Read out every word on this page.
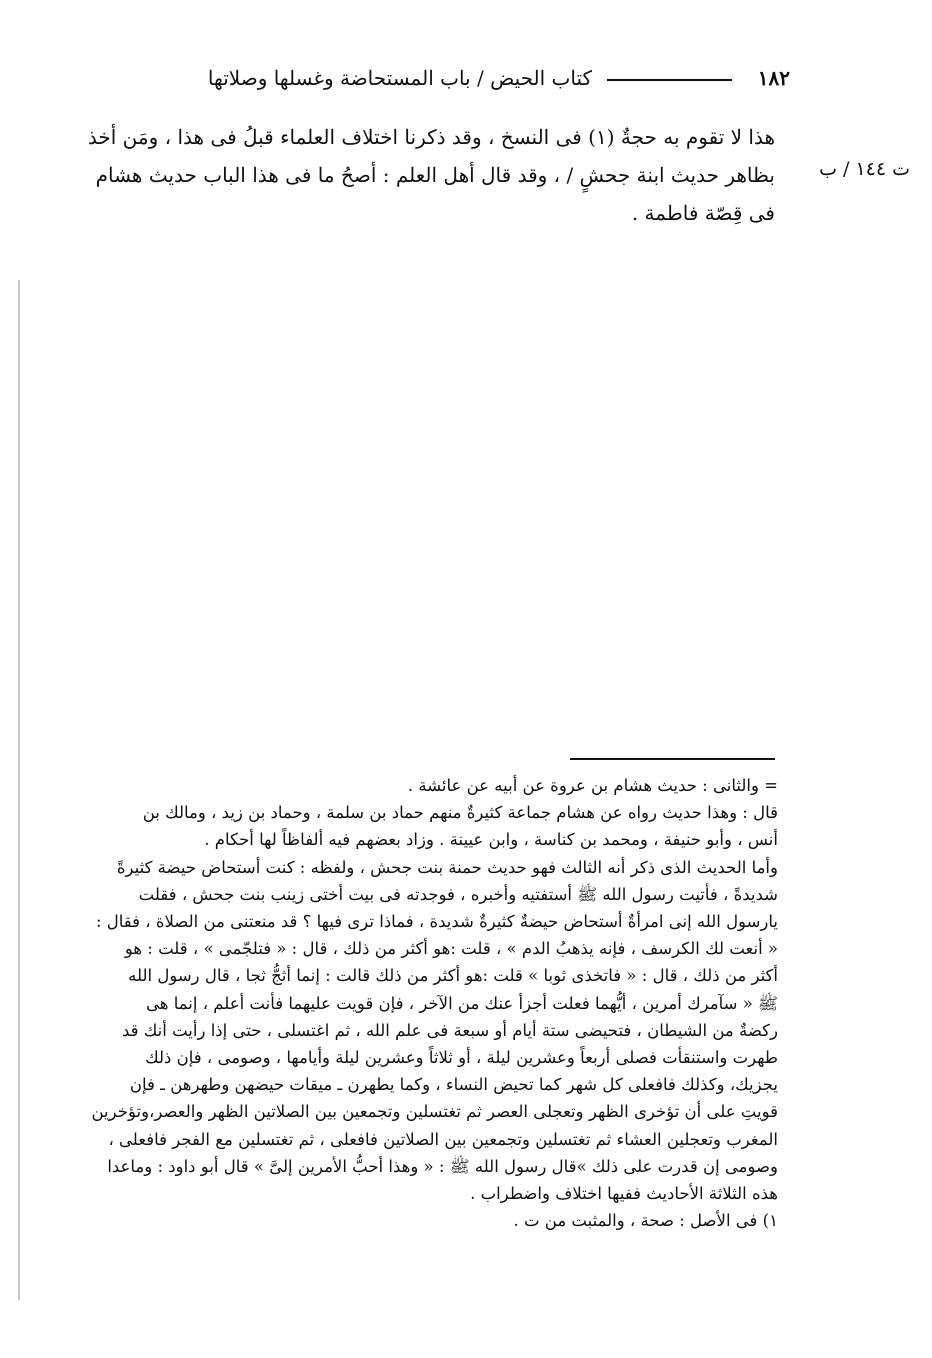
١٨٢
كتاب الحيض / باب المستحاضة وغسلها وصلاتها
هذا لا تقوم به حجةٌ (١) فى النسخ ، وقد ذكرنا اختلاف العلماء قبلُ فى هذا ، ومَن أخذ
بظاهر حديث ابنة جحشٍ / ، وقد قال أهل العلم : أصحُ ما فى هذا الباب حديث هشام
فى قِصّة فاطمة .
ت ١٤٤ / ب
= والثانى : حديث هشام بن عروة عن أبيه عن عائشة .
قال : وهذا حديث رواه عن هشام جماعة كثيرةٌ منهم حماد بن سلمة ، وحماد بن زيد ، ومالك بن
أنس ، وأبو حنيفة ، ومحمد بن كناسة ، وابن عيينة . وزاد بعضهم فيه ألفاظاً لها أحكام .
وأما الحديث الذى ذكر أنه الثالث فهو حديث حمنة بنت جحش ، ولفظه : كنت أستحاض حيضة كثيرةً
شديدةً ، فأتيت رسول الله ﷺ أستفتيه وأخبره ، فوجدته فى بيت أختى زينب بنت جحش ، فقلت
يارسول الله إنى امرأةٌ أستحاض حيضةٌ كثيرةٌ شديدة ، فماذا ترى فيها ؟ قد منعتنى من الصلاة ، فقال :
« أنعت لك الكرسف ، فإنه يذهبُ الدم » ، قلت :هو أكثر من ذلك ، قال : « فتلجّمى » ، قلت : هو
أكثر من ذلك ، قال : « فاتخذى ثوبا » قلت :هو أكثر من ذلك قالت : إنما أثجُّ ثجا ، قال رسول الله
ﷺ « سآمرك أمرين ، أيُّهما فعلت أجزأ عنك من الآخر ، فإن قويت عليهما فأنت أعلم ، إنما هى
ركضةٌ من الشيطان ، فتحيضى ستة أيام أو سبعة فى علم الله ، ثم اغتسلى ، حتى إذا رأيت أنك قد
طهرت واستنقأت فصلى أربعاً وعشرين ليلة ، أو ثلاثاً وعشرين ليلة وأيامها ، وصومى ، فإن ذلك
يجزيك، وكذلك فافعلى كل شهر كما تحيض النساء ، وكما يطهرن ـ ميقات حيضهن وطهرهن ـ فإن
قويتِ على أن تؤخرى الظهر وتعجلى العصر ثم تغتسلين وتجمعين بين الصلاتين الظهر والعصر،وتؤخرين
المغرب وتعجلين العشاء ثم تغتسلين وتجمعين بين الصلاتين فافعلى ، ثم تغتسلين مع الفجر فافعلى ،
وصومى إن قدرت على ذلك »قال رسول الله ﷺ : « وهذا أحبُّ الأمرين إلىَّ » قال أبو داود : وماعدا
هذه الثلاثة الأحاديث ففيها اختلاف واضطراب .
١) فى الأصل : صحة ، والمثبت من ت .
